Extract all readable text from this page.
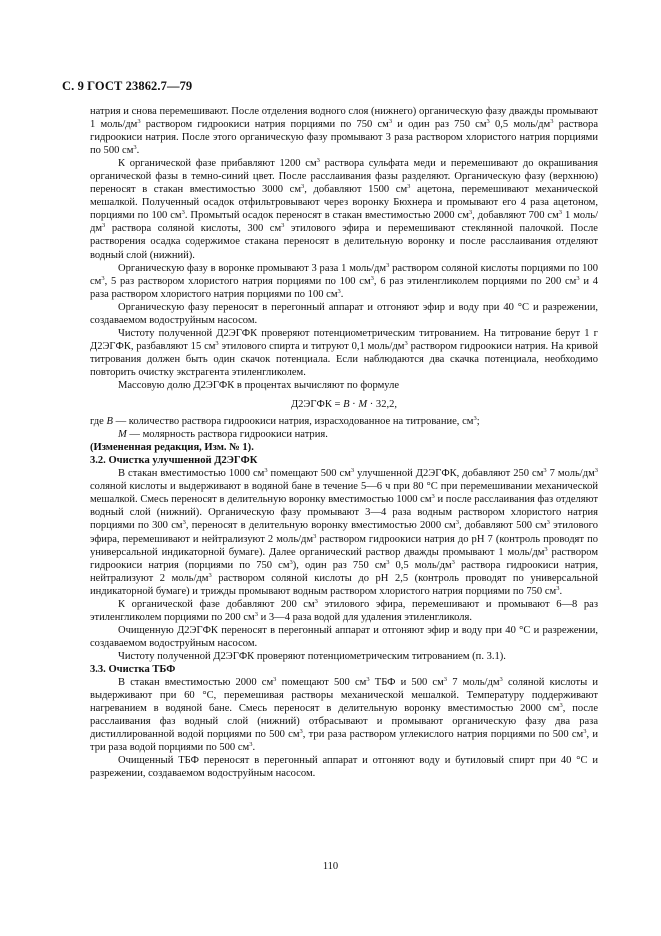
С. 9 ГОСТ 23862.7—79

натрия и снова перемешивают. После отделения водного слоя (нижнего) органическую фазу дважды промывают 1 моль/$дм^3$ раствором гидроокиси натрия порциями по 750 $см^3$ и один раз 750 $см^3$ 0,5 моль/$дм^3$ раствора гидроокиси натрия. После этого органическую фазу промывают 3 раза раствором хлористого натрия порциями по 500 $см^3$.

К органической фазе прибавляют 1200 $см^3$ раствора сульфата меди и перемешивают до окрашивания органической фазы в темно-синий цвет. После расслаивания фазы разделяют. Органическую фазу (верхнюю) переносят в стакан вместимостью 3000 $см^3$, добавляют 1500 $см^3$ ацетона, перемешивают механической мешалкой. Полученный осадок отфильтровывают через воронку Бюхнера и промывают его 4 раза ацетоном, порциями по 100 $см^3$. Промытый осадок переносят в стакан вместимостью 2000 $см^3$, добавляют 700 $см^3$ 1 моль/$дм^3$ раствора соляной кислоты, 300 $см^3$ этилового эфира и перемешивают стеклянной палочкой. После растворения осадка содержимое стакана переносят в делительную воронку и после расслаивания отделяют водный слой (нижний).

Органическую фазу в воронке промывают 3 раза 1 моль/$дм^3$ раствором соляной кислоты порциями по 100 $см^3$, 5 раз раствором хлористого натрия порциями по 100 $см^3$, 6 раз этиленгликолем порциями по 200 $см^3$ и 4 раза раствором хлористого натрия порциями по 100 $см^3$.

Органическую фазу переносят в перегонный аппарат и отгоняют эфир и воду при 40 °С и разрежении, создаваемом водоструйным насосом.

Чистоту полученной Д2ЭГФК проверяют потенциометрическим титрованием. На титрование берут 1 г Д2ЭГФК, разбавляют 15 $см^3$ этилового спирта и титруют 0,1 моль/$дм^3$ раствором гидроокиси натрия. На кривой титрования должен быть один скачок потенциала. Если наблюдаются два скачка потенциала, необходимо повторить очистку экстрагента этиленгликолем.

Массовую долю Д2ЭГФК в процентах вычисляют по формуле

Д2ЭГФК = B · M · 32,2,

где B — количество раствора гидроокиси натрия, израсходованное на титрование, $см^3$;
M — молярность раствора гидроокиси натрия.

(Измененная редакция, Изм. № 1).

3.2. Очистка улучшенной Д2ЭГФК

В стакан вместимостью 1000 $см^3$ помещают 500 $см^3$ улучшенной Д2ЭГФК, добавляют 250 $см^3$ 7 моль/$дм^3$ соляной кислоты и выдерживают в водяной бане в течение 5—6 ч при 80 °С при перемешивании механической мешалкой. Смесь переносят в делительную воронку вместимостью 1000 $см^3$ и после расслаивания фаз отделяют водный слой (нижний). Органическую фазу промывают 3—4 раза водным раствором хлористого натрия порциями по 300 $см^3$, переносят в делительную воронку вместимостью 2000 $см^3$, добавляют 500 $см^3$ этилового эфира, перемешивают и нейтрализуют 2 моль/$дм^3$ раствором гидроокиси натрия до рН 7 (контроль проводят по универсальной индикаторной бумаге). Далее органический раствор дважды промывают 1 моль/$дм^3$ раствором гидроокиси натрия (порциями по 750 $см^3$), один раз 750 $см^3$ 0,5 моль/$дм^3$ раствора гидроокиси натрия, нейтрализуют 2 моль/$дм^3$ раствором соляной кислоты до рН 2,5 (контроль проводят по универсальной индикаторной бумаге) и трижды промывают водным раствором хлористого натрия порциями по 750 $см^3$.

К органической фазе добавляют 200 $см^3$ этилового эфира, перемешивают и промывают 6—8 раз этиленгликолем порциями по 200 $см^3$ и 3—4 раза водой для удаления этиленгликоля.

Очищенную Д2ЭГФК переносят в перегонный аппарат и отгоняют эфир и воду при 40 °С и разрежении, создаваемом водоструйным насосом.

Чистоту полученной Д2ЭГФК проверяют потенциометрическим титрованием (п. 3.1).

3.3. Очистка ТБФ

В стакан вместимостью 2000 $см^3$ помещают 500 $см^3$ ТБФ и 500 $см^3$ 7 моль/$дм^3$ соляной кислоты и выдерживают при 60 °С, перемешивая растворы механической мешалкой. Температуру поддерживают нагреванием в водяной бане. Смесь переносят в делительную воронку вместимостью 2000 $см^3$, после расслаивания фаз водный слой (нижний) отбрасывают и промывают органическую фазу два раза дистиллированной водой порциями по 500 $см^3$, три раза раствором углекислого натрия порциями по 500 $см^3$, и три раза водой порциями по 500 $см^3$.

Очищенный ТБФ переносят в перегонный аппарат и отгоняют воду и бутиловый спирт при 40 °С и разрежении, создаваемом водоструйным насосом.

110
